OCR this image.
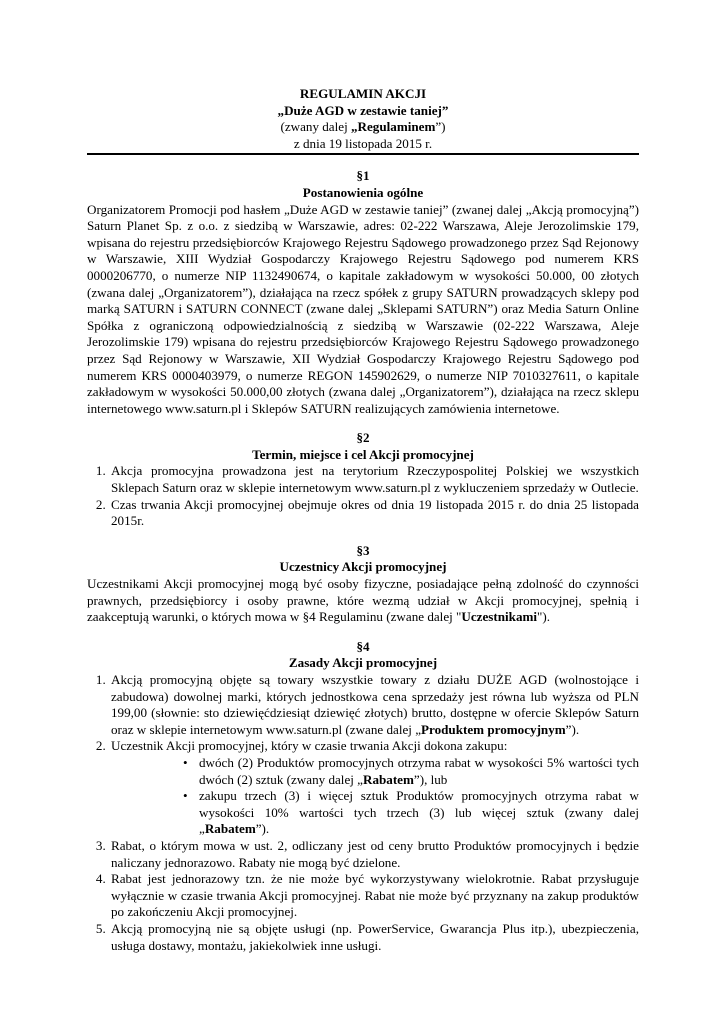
REGULAMIN AKCJI
„Duże AGD w zestawie taniej”
(zwany dalej „Regulaminem”)
z dnia 19 listopada 2015 r.
§1
Postanowienia ogólne
Organizatorem Promocji pod hasłem „Duże AGD w zestawie taniej” (zwanej dalej „Akcją promocyjną”) Saturn Planet Sp. z o.o. z siedzibą w Warszawie, adres: 02-222 Warszawa, Aleje Jerozolimskie 179, wpisana do rejestru przedsiębiorców Krajowego Rejestru Sądowego prowadzonego przez Sąd Rejonowy w Warszawie, XIII Wydział Gospodarczy Krajowego Rejestru Sądowego pod numerem KRS 0000206770, o numerze NIP 1132490674, o kapitale zakładowym w wysokości 50.000, 00 złotych (zwana dalej „Organizatorem”), działająca na rzecz spółek z grupy SATURN prowadzących sklepy pod marką SATURN i SATURN CONNECT (zwane dalej „Sklepami SATURN”) oraz Media Saturn Online Spółka z ograniczoną odpowiedzialnością z siedzibą w Warszawie (02-222 Warszawa, Aleje Jerozolimskie 179) wpisana do rejestru przedsiębiorców Krajowego Rejestru Sądowego prowadzonego przez Sąd Rejonowy w Warszawie, XII Wydział Gospodarczy Krajowego Rejestru Sądowego pod numerem KRS 0000403979, o numerze REGON 145902629, o numerze NIP 7010327611, o kapitale zakładowym w wysokości 50.000,00 złotych (zwana dalej „Organizatorem”), działająca na rzecz sklepu internetowego www.saturn.pl i Sklepów SATURN realizujących zamówienia internetowe.
§2
Termin, miejsce i cel Akcji promocyjnej
1. Akcja promocyjna prowadzona jest na terytorium Rzeczypospolitej Polskiej we wszystkich Sklepach Saturn oraz w sklepie internetowym www.saturn.pl z wykluczeniem sprzedaży w Outlecie.
2. Czas trwania Akcji promocyjnej obejmuje okres od dnia 19 listopada 2015 r. do dnia 25 listopada 2015r.
§3
Uczestnicy Akcji promocyjnej
Uczestnikami Akcji promocyjnej mogą być osoby fizyczne, posiadające pełną zdolność do czynności prawnych, przedsiębiorcy i osoby prawne, które wezmą udział w Akcji promocyjnej, spełnią i zaakceptują warunki, o których mowa w §4 Regulaminu (zwane dalej "Uczestnikami").
§4
Zasady Akcji promocyjnej
1. Akcją promocyjną objęte są towary wszystkie towary z działu DUŻE AGD (wolnostojące i zabudowa) dowolnej marki, których jednostkowa cena sprzedaży jest równa lub wyższa od PLN 199,00 (słownie: sto dziewięćdziesiąt dziewięć złotych) brutto, dostępne w ofercie Sklepów Saturn oraz w sklepie internetowym www.saturn.pl (zwane dalej „Produktem promocyjnym”).
2. Uczestnik Akcji promocyjnej, który w czasie trwania Akcji dokona zakupu:
• dwóch (2) Produktów promocyjnych otrzyma rabat w wysokości 5% wartości tych dwóch (2) sztuk (zwany dalej „Rabatem”), lub
• zakupu trzech (3) i więcej sztuk Produktów promocyjnych otrzyma rabat w wysokości 10% wartości tych trzech (3) lub więcej sztuk (zwany dalej „Rabatem”).
3. Rabat, o którym mowa w ust. 2, odliczany jest od ceny brutto Produktów promocyjnych i będzie naliczany jednorazowo. Rabaty nie mogą być dzielone.
4. Rabat jest jednorazowy tzn. że nie może być wykorzystywany wielokrotnie. Rabat przysługuje wyłącznie w czasie trwania Akcji promocyjnej. Rabat nie może być przyznany na zakup produktów po zakończeniu Akcji promocyjnej.
5. Akcją promocyjną nie są objęte usługi (np. PowerService, Gwarancja Plus itp.), ubezpieczenia, usługa dostawy, montażu, jakiekolwiek inne usługi.
